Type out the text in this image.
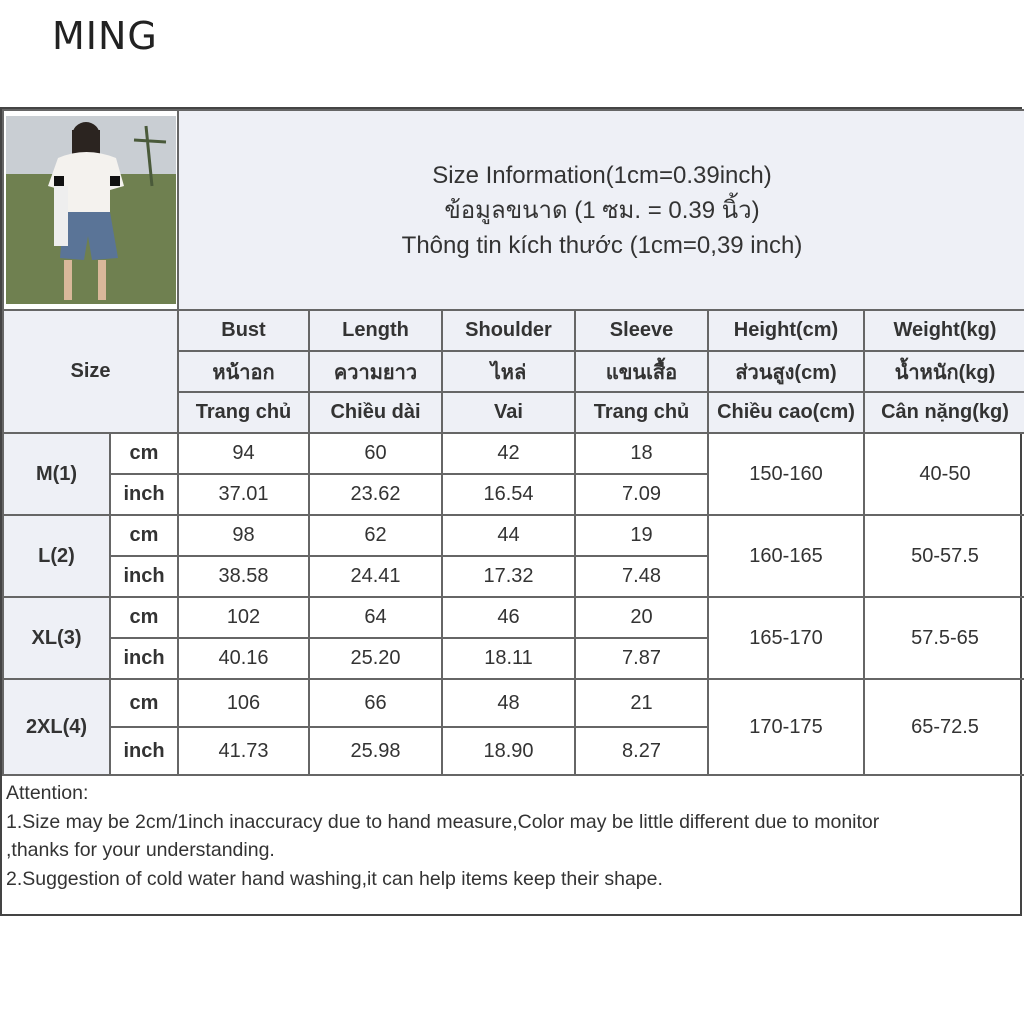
MING

Size Information(1cm=0.39inch)
ข้อมูลขนาด (1 ซม. = 0.39 นิ้ว)
Thông tin kích thước (1cm=0,39 inch)					

Size		Bust	Length	Shoulder	Sleeve	Height(cm)	Weight(kg)
		หน้าอก	ความยาว	ไหล่	แขนเสื้อ	ส่วนสูง(cm)	น้ำหนัก(kg)
		Trang chủ	Chiều dài	Vai	Trang chủ	Chiều cao(cm)	Cân nặng(kg)
M(1)	cm	94	60	42	18	150-160	40-50
	inch	37.01	23.62	16.54	7.09		
L(2)	cm	98	62	44	19	160-165	50-57.5
	inch	38.58	24.41	17.32	7.48		
XL(3)	cm	102	64	46	20	165-170	57.5-65
	inch	40.16	25.20	18.11	7.87		
2XL(4)	cm	106	66	48	21	170-175	65-72.5
	inch	41.73	25.98	18.90	8.27		
Attention:
1.Size may be 2cm/1inch inaccuracy due to hand measure,Color may be little different due to monitor
,thanks for your understanding.
2.Suggestion of cold water hand washing,it can help items keep their shape.
